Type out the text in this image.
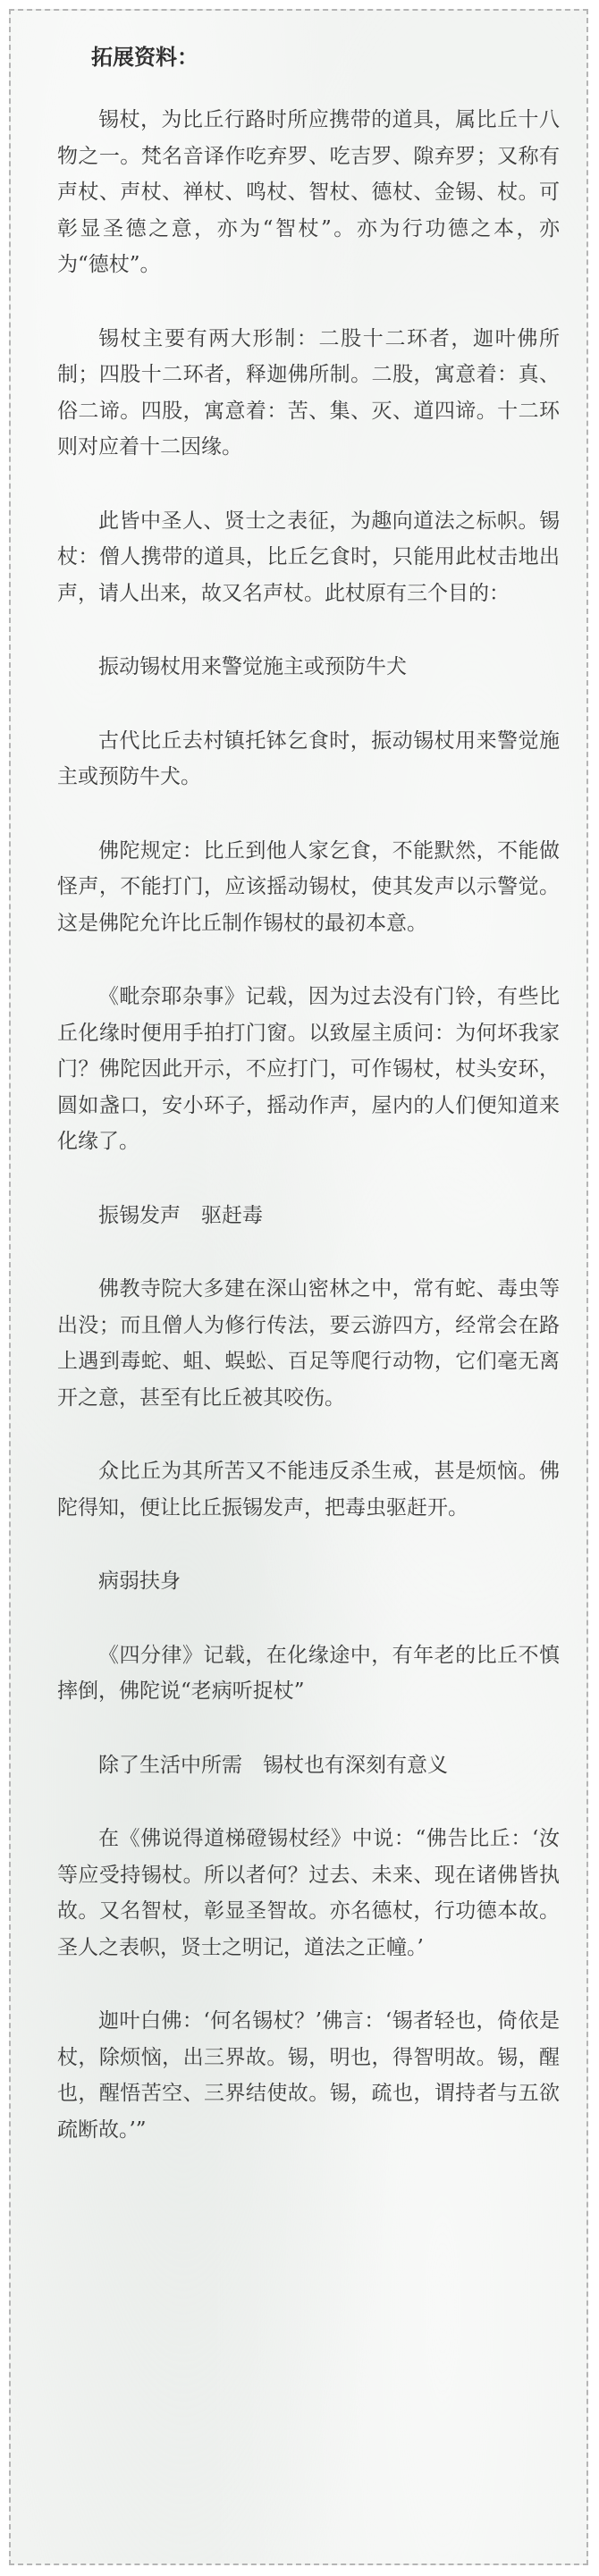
拓展资料：
锡杖，为比丘行路时所应携带的道具，属比丘十八物之一。梵名音译作吃弃罗、吃吉罗、隙弃罗；又称有声杖、声杖、禅杖、鸣杖、智杖、德杖、金锡、杖。可彰显圣德之意，亦为“智杖”。亦为行功德之本，亦为“德杖”。
锡杖主要有两大形制：二股十二环者，迦叶佛所制；四股十二环者，释迦佛所制。二股，寓意着：真、俗二谛。四股，寓意着：苦、集、灭、道四谛。十二环则对应着十二因缘。
此皆中圣人、贤士之表征，为趣向道法之标帜。锡杖：僧人携带的道具，比丘乞食时，只能用此杖击地出声，请人出来，故又名声杖。此杖原有三个目的：
振动锡杖用来警觉施主或预防牛犬
古代比丘去村镇托钵乞食时，振动锡杖用来警觉施主或预防牛犬。
佛陀规定：比丘到他人家乞食，不能默然，不能做怪声，不能打门，应该摇动锡杖，使其发声以示警觉。这是佛陀允许比丘制作锡杖的最初本意。
《毗奈耶杂事》记载，因为过去没有门铃，有些比丘化缘时便用手拍打门窗。以致屋主质问：为何坏我家门？佛陀因此开示，不应打门，可作锡杖，杖头安环，圆如盏口，安小环子，摇动作声，屋内的人们便知道来化缘了。
振锡发声　驱赶毒
佛教寺院大多建在深山密林之中，常有蛇、毒虫等出没；而且僧人为修行传法，要云游四方，经常会在路上遇到毒蛇、蛆、蜈蚣、百足等爬行动物，它们毫无离开之意，甚至有比丘被其咬伤。
众比丘为其所苦又不能违反杀生戒，甚是烦恼。佛陀得知，便让比丘振锡发声，把毒虫驱赶开。
病弱扶身
《四分律》记载，在化缘途中，有年老的比丘不慎摔倒，佛陀说“老病听捉杖”
除了生活中所需　锡杖也有深刻有意义
在《佛说得道梯磴锡杖经》中说：“佛告比丘：‘汝等应受持锡杖。所以者何？过去、未来、现在诸佛皆执故。又名智杖，彰显圣智故。亦名德杖，行功德本故。圣人之表帜，贤士之明记，道法之正幢。’
迦叶白佛：‘何名锡杖？’佛言：‘锡者轻也，倚依是杖，除烦恼，出三界故。锡，明也，得智明故。锡，醒也，醒悟苦空、三界结使故。锡，疏也，谓持者与五欲疏断故。’”
